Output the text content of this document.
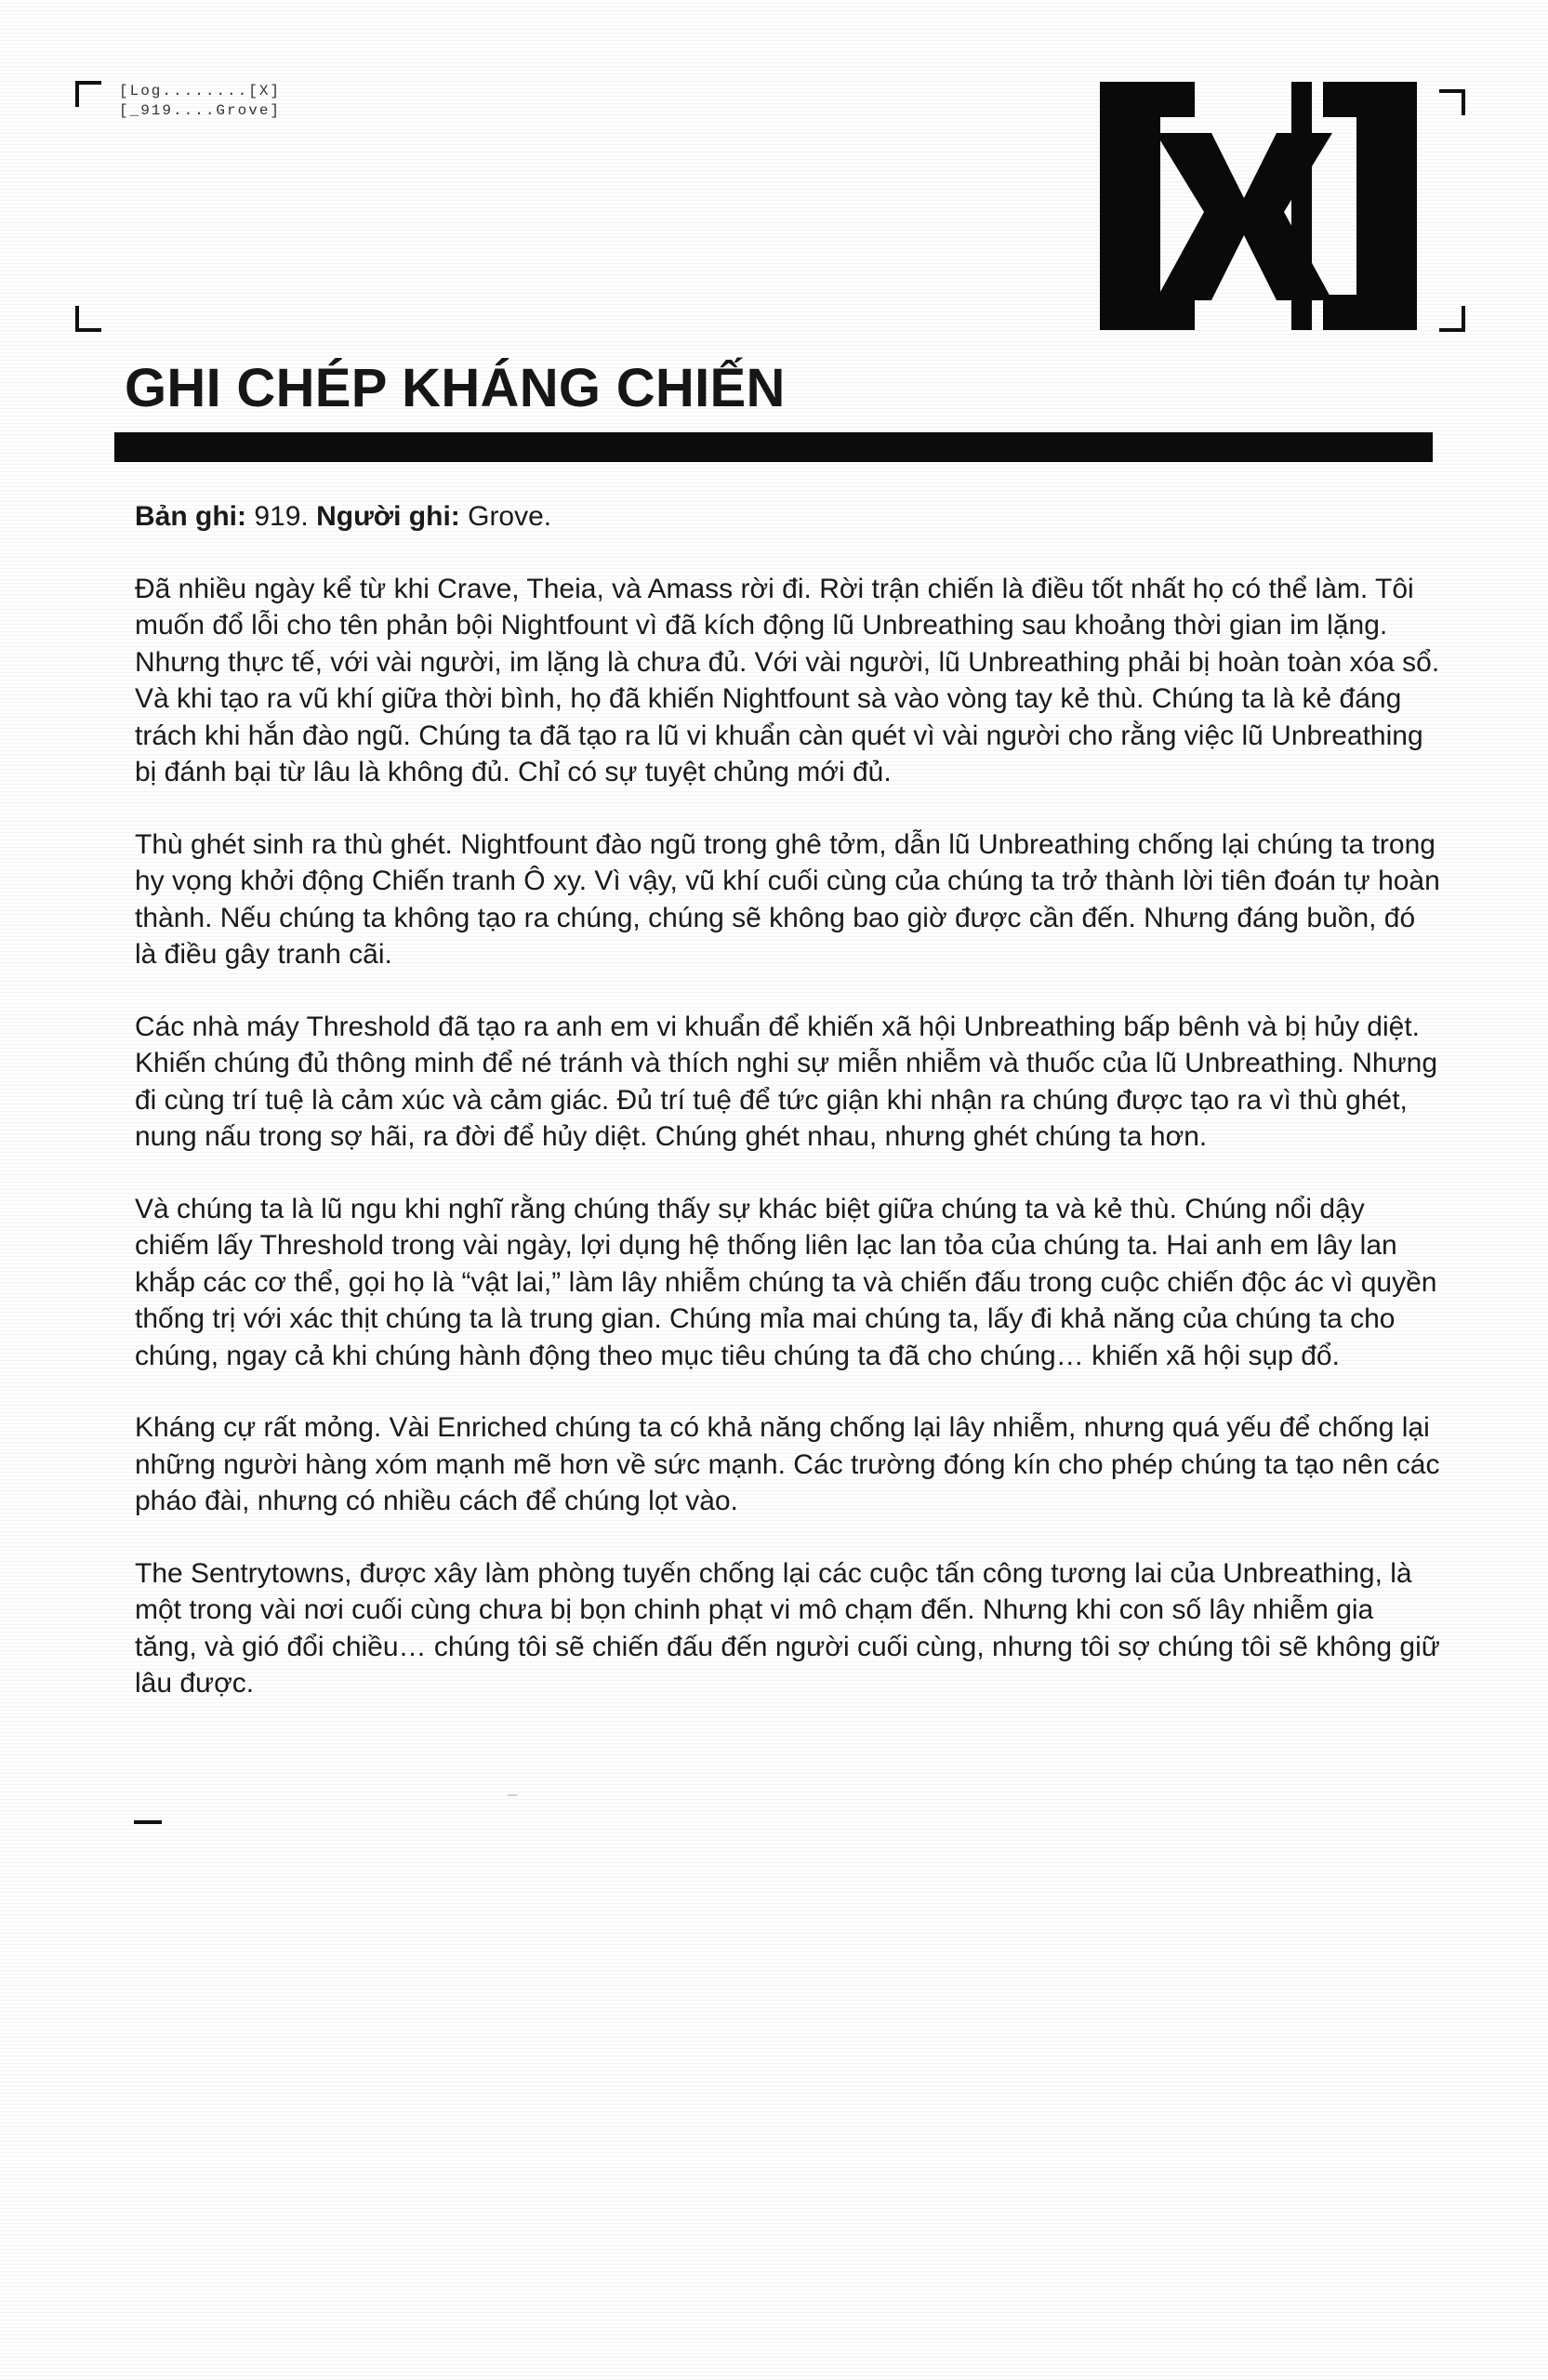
[Log........[X]
[_919....Grove]
GHI CHÉP KHÁNG CHIẾN

Bản ghi: 919. Người ghi: Grove.

Đã nhiều ngày kể từ khi Crave, Theia, và Amass rời đi. Rời trận chiến là điều tốt nhất họ có thể làm. Tôi muốn đổ lỗi cho tên phản bội Nightfount vì đã kích động lũ Unbreathing sau khoảng thời gian im lặng. Nhưng thực tế, với vài người, im lặng là chưa đủ. Với vài người, lũ Unbreathing phải bị hoàn toàn xóa sổ. Và khi tạo ra vũ khí giữa thời bình, họ đã khiến Nightfount sà vào vòng tay kẻ thù. Chúng ta là kẻ đáng trách khi hắn đào ngũ. Chúng ta đã tạo ra lũ vi khuẩn càn quét vì vài người cho rằng việc lũ Unbreathing bị đánh bại từ lâu là không đủ. Chỉ có sự tuyệt chủng mới đủ.

Thù ghét sinh ra thù ghét. Nightfount đào ngũ trong ghê tởm, dẫn lũ Unbreathing chống lại chúng ta trong hy vọng khởi động Chiến tranh Ô xy. Vì vậy, vũ khí cuối cùng của chúng ta trở thành lời tiên đoán tự hoàn thành. Nếu chúng ta không tạo ra chúng, chúng sẽ không bao giờ được cần đến. Nhưng đáng buồn, đó là điều gây tranh cãi.

Các nhà máy Threshold đã tạo ra anh em vi khuẩn để khiến xã hội Unbreathing bấp bênh và bị hủy diệt. Khiến chúng đủ thông minh để né tránh và thích nghi sự miễn nhiễm và thuốc của lũ Unbreathing. Nhưng đi cùng trí tuệ là cảm xúc và cảm giác. Đủ trí tuệ để tức giận khi nhận ra chúng được tạo ra vì thù ghét, nung nấu trong sợ hãi, ra đời để hủy diệt. Chúng ghét nhau, nhưng ghét chúng ta hơn.

Và chúng ta là lũ ngu khi nghĩ rằng chúng thấy sự khác biệt giữa chúng ta và kẻ thù. Chúng nổi dậy chiếm lấy Threshold trong vài ngày, lợi dụng hệ thống liên lạc lan tỏa của chúng ta. Hai anh em lây lan khắp các cơ thể, gọi họ là “vật lai,” làm lây nhiễm chúng ta và chiến đấu trong cuộc chiến độc ác vì quyền thống trị với xác thịt chúng ta là trung gian. Chúng mỉa mai chúng ta, lấy đi khả năng của chúng ta cho chúng, ngay cả khi chúng hành động theo mục tiêu chúng ta đã cho chúng… khiến xã hội sụp đổ.

Kháng cự rất mỏng. Vài Enriched chúng ta có khả năng chống lại lây nhiễm, nhưng quá yếu để chống lại những người hàng xóm mạnh mẽ hơn về sức mạnh. Các trường đóng kín cho phép chúng ta tạo nên các pháo đài, nhưng có nhiều cách để chúng lọt vào.

The Sentrytowns, được xây làm phòng tuyến chống lại các cuộc tấn công tương lai của Unbreathing, là một trong vài nơi cuối cùng chưa bị bọn chinh phạt vi mô chạm đến. Nhưng khi con số lây nhiễm gia tăng, và gió đổi chiều… chúng tôi sẽ chiến đấu đến người cuối cùng, nhưng tôi sợ chúng tôi sẽ không giữ lâu được.
